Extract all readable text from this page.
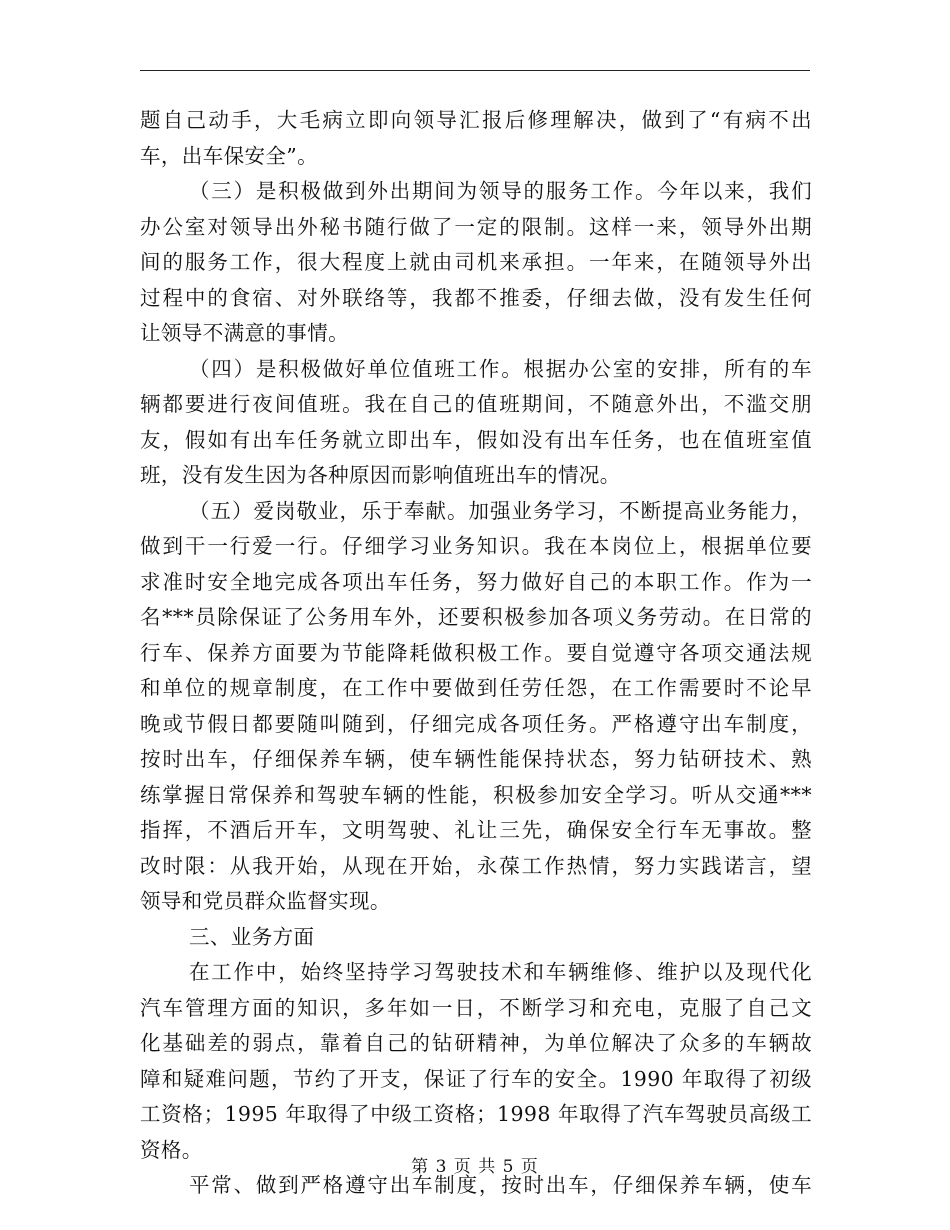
题自己动手，大毛病立即向领导汇报后修理解决，做到了“有病不出
车，出车保安全”。
（三）是积极做到外出期间为领导的服务工作。今年以来，我们
办公室对领导出外秘书随行做了一定的限制。这样一来，领导外出期
间的服务工作，很大程度上就由司机来承担。一年来，在随领导外出
过程中的食宿、对外联络等，我都不推委，仔细去做，没有发生任何
让领导不满意的事情。
（四）是积极做好单位值班工作。根据办公室的安排，所有的车
辆都要进行夜间值班。我在自己的值班期间，不随意外出，不滥交朋
友，假如有出车任务就立即出车，假如没有出车任务，也在值班室值
班，没有发生因为各种原因而影响值班出车的情况。
（五）爱岗敬业，乐于奉献。加强业务学习，不断提高业务能力，
做到干一行爱一行。仔细学习业务知识。我在本岗位上，根据单位要
求准时安全地完成各项出车任务，努力做好自己的本职工作。作为一
名***员除保证了公务用车外，还要积极参加各项义务劳动。在日常的
行车、保养方面要为节能降耗做积极工作。要自觉遵守各项交通法规
和单位的规章制度，在工作中要做到任劳任怨，在工作需要时不论早
晚或节假日都要随叫随到，仔细完成各项任务。严格遵守出车制度，
按时出车，仔细保养车辆，使车辆性能保持状态，努力钻研技术、熟
练掌握日常保养和驾驶车辆的性能，积极参加安全学习。听从交通***
指挥，不酒后开车，文明驾驶、礼让三先，确保安全行车无事故。整
改时限：从我开始，从现在开始，永葆工作热情，努力实践诺言，望
领导和党员群众监督实现。
三、业务方面
在工作中，始终坚持学习驾驶技术和车辆维修、维护以及现代化
汽车管理方面的知识，多年如一日，不断学习和充电，克服了自己文
化基础差的弱点，靠着自己的钻研精神，为单位解决了众多的车辆故
障和疑难问题，节约了开支，保证了行车的安全。1990 年取得了初级
工资格；1995 年取得了中级工资格；1998 年取得了汽车驾驶员高级工
资格。
平常、做到严格遵守出车制度，按时出车，仔细保养车辆，使车
第 3 页 共 5 页
